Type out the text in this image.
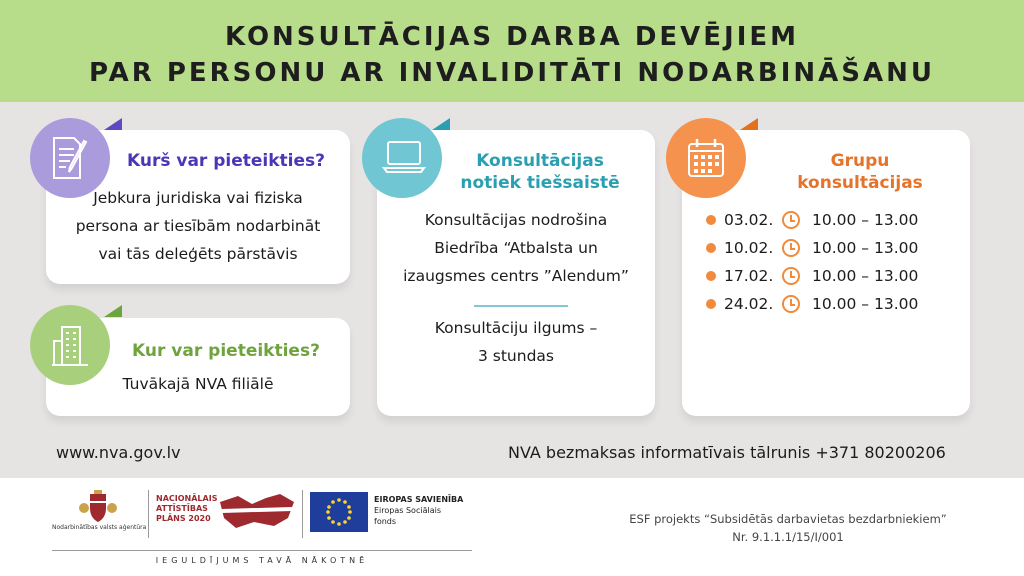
KONSULTĀCIJAS DARBA DEVĒJIEM
PAR PERSONU AR INVALIDITĀTI NODARBINĀŠANU
Kurš var pieteikties?
Jebkura juridiska vai fiziska
persona ar tiesībām nodarbināt
vai tās deleģēts pārstāvis
Kur var pieteikties?
Tuvākajā NVA filiālē
Konsultācijas
notiek tiešsaistē
Konsultācijas nodrošina
Biedrība “Atbalsta un
izaugsmes centrs ”Alendum”
Konsultāciju ilgums –
3 stundas
Grupu
konsultācijas
03.02. 10.00 – 13.00
10.02. 10.00 – 13.00
17.02. 10.00 – 13.00
24.02. 10.00 – 13.00
www.nva.gov.lv	NVA bezmaksas informatīvais tālrunis +371 80200206
Nodarbinātības valsts aģentūra
NACIONĀLAIS
ATTĪSTĪBAS
PLĀNS 2020
EIROPAS SAVIENĪBA
Eiropas Sociālais
fonds
IEGULDĪJUMS TAVĀ NĀKOTNĒ
ESF projekts “Subsidētās darbavietas bezdarbniekiem”
Nr. 9.1.1.1/15/I/001
